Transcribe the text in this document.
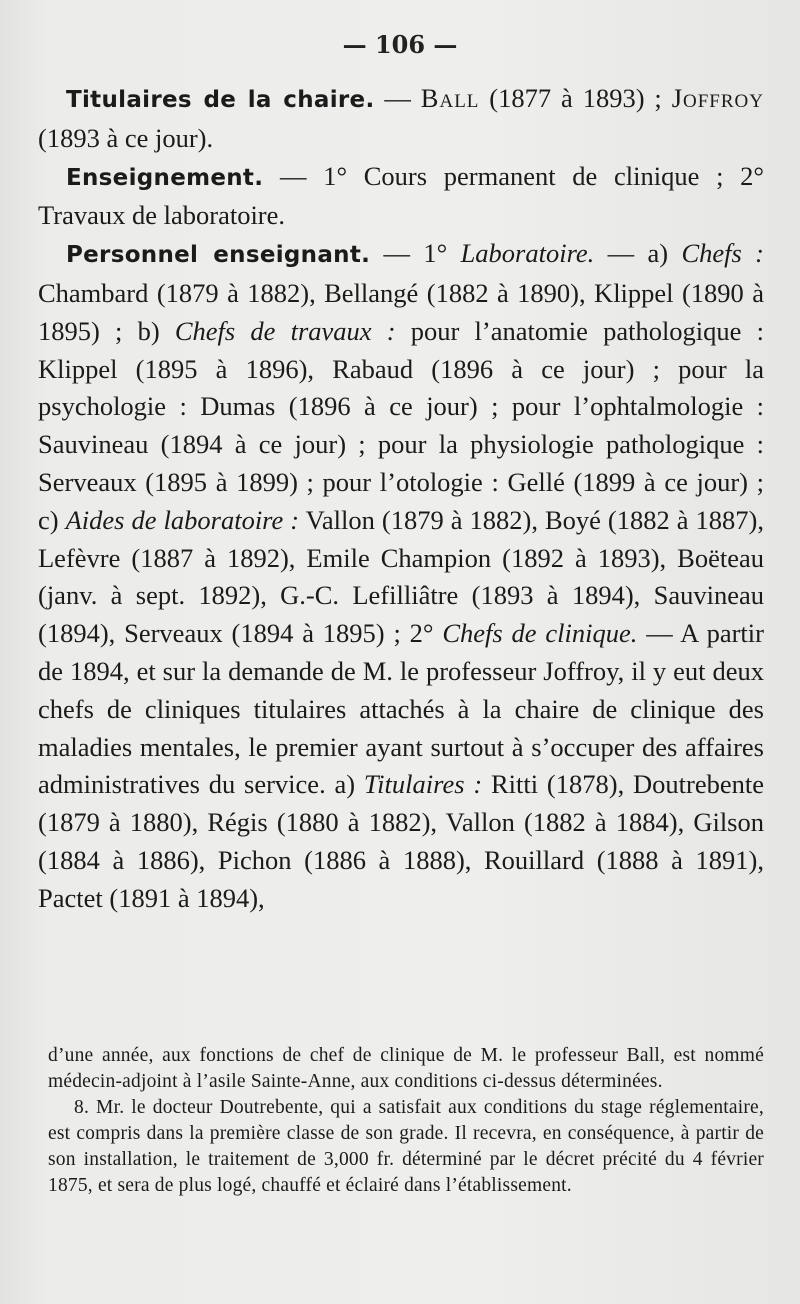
— 106 —

Titulaires de la chaire. — Ball (1877 à 1893) ; Joffroy (1893 à ce jour).

Enseignement. — 1° Cours permanent de clinique ; 2° Travaux de laboratoire.

Personnel enseignant. — 1° Laboratoire. — a) Chefs : Chambard (1879 à 1882), Bellangé (1882 à 1890), Klippel (1890 à 1895) ; b) Chefs de travaux : pour l’anatomie pathologique : Klippel (1895 à 1896), Rabaud (1896 à ce jour) ; pour la psychologie : Dumas (1896 à ce jour) ; pour l’ophtalmologie : Sauvineau (1894 à ce jour) ; pour la physiologie pathologique : Serveaux (1895 à 1899) ; pour l’otologie : Gellé (1899 à ce jour) ; c) Aides de laboratoire : Vallon (1879 à 1882), Boyé (1882 à 1887), Lefèvre (1887 à 1892), Emile Champion (1892 à 1893), Boëteau (janv. à sept. 1892), G.-C. Lefilliâtre (1893 à 1894), Sauvineau (1894), Serveaux (1894 à 1895) ; 2° Chefs de clinique. — A partir de 1894, et sur la demande de M. le professeur Joffroy, il y eut deux chefs de cliniques titulaires attachés à la chaire de clinique des maladies mentales, le premier ayant surtout à s’occuper des affaires administratives du service. a) Titulaires : Ritti (1878), Doutrebente (1879 à 1880), Régis (1880 à 1882), Vallon (1882 à 1884), Gilson (1884 à 1886), Pichon (1886 à 1888), Rouillard (1888 à 1891), Pactet (1891 à 1894),

d’une année, aux fonctions de chef de clinique de M. le professeur Ball, est nommé médecin-adjoint à l’asile Sainte-Anne, aux conditions ci-dessus déterminées.

8. Mr. le docteur Doutrebente, qui a satisfait aux conditions du stage réglementaire, est compris dans la première classe de son grade. Il recevra, en conséquence, à partir de son installation, le traitement de 3,000 fr. déterminé par le décret précité du 4 février 1875, et sera de plus logé, chauffé et éclairé dans l’établissement.
